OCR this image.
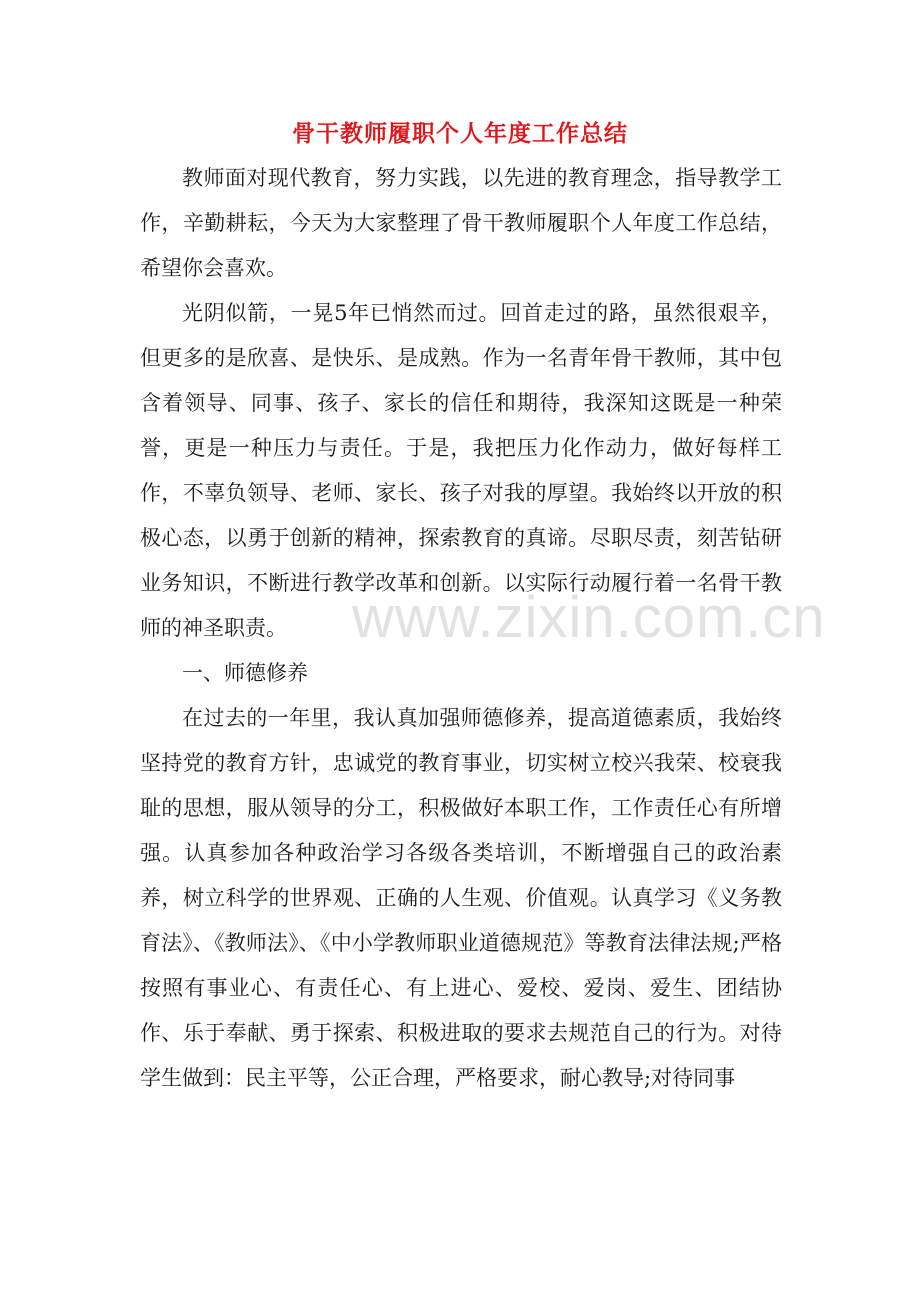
骨干教师履职个人年度工作总结

教师面对现代教育，努力实践，以先进的教育理念，指导教学工作，辛勤耕耘，今天为大家整理了骨干教师履职个人年度工作总结，希望你会喜欢。

光阴似箭，一晃5年已悄然而过。回首走过的路，虽然很艰辛，但更多的是欣喜、是快乐、是成熟。作为一名青年骨干教师，其中包含着领导、同事、孩子、家长的信任和期待，我深知这既是一种荣誉，更是一种压力与责任。于是，我把压力化作动力，做好每样工作，不辜负领导、老师、家长、孩子对我的厚望。我始终以开放的积极心态，以勇于创新的精神，探索教育的真谛。尽职尽责，刻苦钻研业务知识，不断进行教学改革和创新。以实际行动履行着一名骨干教师的神圣职责。

一、师德修养

在过去的一年里，我认真加强师德修养，提高道德素质，我始终坚持党的教育方针，忠诚党的教育事业，切实树立校兴我荣、校衰我耻的思想，服从领导的分工，积极做好本职工作，工作责任心有所增强。认真参加各种政治学习各级各类培训，不断增强自己的政治素养，树立科学的世界观、正确的人生观、价值观。认真学习《义务教育法》、《教师法》、《中小学教师职业道德规范》等教育法律法规;严格按照有事业心、有责任心、有上进心、爱校、爱岗、爱生、团结协作、乐于奉献、勇于探索、积极进取的要求去规范自己的行为。对待学生做到：民主平等，公正合理，严格要求，耐心教导;对待同事

www.zixin.com.cn
